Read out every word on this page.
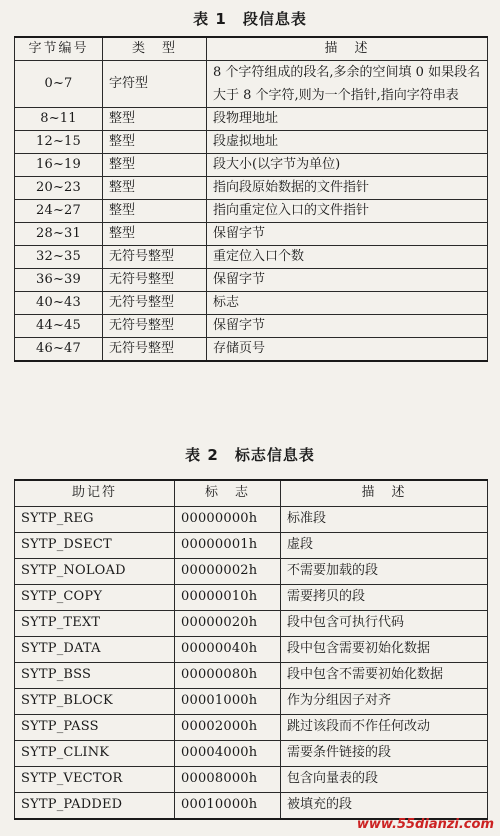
表 1　段信息表
字节编号	类　型	描　述
0~7	字符型	8 个字符组成的段名,多余的空间填 0 如果段名大于 8 个字符,则为一个指针,指向字符串表
8~11	整型	段物理地址
12~15	整型	段虚拟地址
16~19	整型	段大小(以字节为单位)
20~23	整型	指向段原始数据的文件指针
24~27	整型	指向重定位入口的文件指针
28~31	整型	保留字节
32~35	无符号整型	重定位入口个数
36~39	无符号整型	保留字节
40~43	无符号整型	标志
44~45	无符号整型	保留字节
46~47	无符号整型	存储页号
表 2　标志信息表
助记符	标　志	描　述
SYTP_REG	00000000h	标准段
SYTP_DSECT	00000001h	虚段
SYTP_NOLOAD	00000002h	不需要加载的段
SYTP_COPY	00000010h	需要拷贝的段
SYTP_TEXT	00000020h	段中包含可执行代码
SYTP_DATA	00000040h	段中包含需要初始化数据
SYTP_BSS	00000080h	段中包含不需要初始化数据
SYTP_BLOCK	00001000h	作为分组因子对齐
SYTP_PASS	00002000h	跳过该段而不作任何改动
SYTP_CLINK	00004000h	需要条件链接的段
SYTP_VECTOR	00008000h	包含向量表的段
SYTP_PADDED	00010000h	被填充的段
www.55dianzi.com
